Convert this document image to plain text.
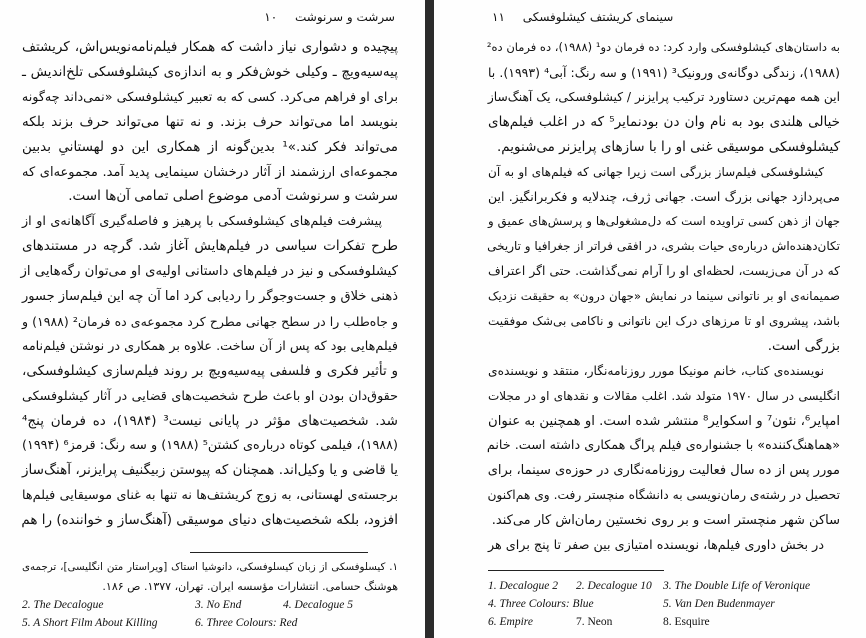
سرشت و سرنوشت ۱۰
پیچیده و دشواری نیاز داشت که همکار فیلم‌نامه‌نویس‌اش، کریشتف
پیه‌سیه‌ویچ ـ وکیلی خوش‌فکر و به اندازه‌ی کیشلوفسکی تلخ‌اندیش ـ
برای او فراهم می‌کرد. کسی که به تعبیر کیشلوفسکی «نمی‌داند چه‌گونه
بنویسد اما می‌تواند حرف بزند. و نه تنها می‌تواند حرف بزند بلکه
می‌تواند فکر کند.»¹ بدین‌گونه از همکاری این دو لهستانیِ بدبین
مجموعه‌ای ارزشمند از آثار درخشان سینمایی پدید آمد. مجموعه‌ای که
سرشت و سرنوشت آدمی موضوع اصلی تمامی آن‌ها است.
پیشرفت فیلم‌های کیشلوفسکی با پرهیز و فاصله‌گیری آگاهانه‌ی او از
طرح تفکرات سیاسی در فیلم‌هایش آغاز شد. گرچه در مستندهای
کیشلوفسکی و نیز در فیلم‌های داستانی اولیه‌ی او می‌توان رگه‌هایی از
ذهنی خلاق و جست‌وجوگر را ردیابی کرد اما آن چه این فیلم‌ساز جسور
و جاه‌طلب را در سطح جهانی مطرح کرد مجموعه‌ی ده فرمان² (۱۹۸۸) و
فیلم‌هایی بود که پس از آن ساخت. علاوه بر همکاری در نوشتن فیلم‌نامه
و تأثیر فکری و فلسفی پیه‌سیه‌ویچ بر روند فیلم‌سازی کیشلوفسکی،
حقوق‌دان بودن او باعث طرح شخصیت‌های قضایی در آثار کیشلوفسکی
شد. شخصیت‌های مؤثر در پایانی نیست³ (۱۹۸۴)، ده فرمان پنج⁴
(۱۹۸۸)، فیلمی کوتاه درباره‌ی کشتن⁵ (۱۹۸۸) و سه رنگ: قرمز⁶ (۱۹۹۴)
یا قاضی و یا وکیل‌اند. همچنان که پیوستن زبیگنیف پرایزنر، آهنگ‌ساز
برجسته‌ی لهستانی، به زوج کریشتف‌ها نه تنها به غنای موسیقایی فیلم‌ها
افزود، بلکه شخصیت‌های دنیای موسیقی (آهنگ‌ساز و خواننده) را هم
۱. کیسلوفسکی از زبان کیسلوفسکی، دانوشیا استاک [ویراستار متن انگلیسی]، ترجمه‌ی
هوشنگ حسامی. انتشارات مؤسسه ایران. تهران، ۱۳۷۷. ص ۱۸۶.
2. The Decalogue	3. No End	4. Decalogue 5
5. A Short Film About Killing	6. Three Colours: Red
۱۱ سینمای کریشتف کیشلوفسکی
به داستان‌های کیشلوفسکی وارد کرد: ده فرمان دو¹ (۱۹۸۸)، ده فرمان ده²
(۱۹۸۸)، زندگی دوگانه‌ی ورونیک³ (۱۹۹۱) و سه رنگ: آبی⁴ (۱۹۹۳). با
این همه مهم‌ترین دستاورد ترکیب پرایزنر / کیشلوفسکی، یک آهنگ‌ساز
خیالی هلندی بود به نام وان دن بودنمایر⁵ که در اغلب فیلم‌های
کیشلوفسکی موسیقی غنی او را با سازهای پرایزنر می‌شنویم.
کیشلوفسکی فیلم‌ساز بزرگی است زیرا جهانی که فیلم‌های او به آن
می‌پردازد جهانی بزرگ است. جهانی ژرف، چندلایه و فکربرانگیز. این
جهان از ذهن کسی تراویده است که دل‌مشغولی‌ها و پرسش‌های عمیق و
تکان‌دهنده‌اش درباره‌ی حیات بشری، در افقی فراتر از جغرافیا و تاریخی
که در آن می‌زیست، لحظه‌ای او را آرام نمی‌گذاشت. حتی اگر اعتراف
صمیمانه‌ی او بر ناتوانی سینما در نمایش «جهان درون» به حقیقت نزدیک
باشد، پیشروی او تا مرزهای درک این ناتوانی و ناکامی بی‌شک موفقیت
بزرگی است.
نویسنده‌ی کتاب، خانم مونیکا مورر روزنامه‌نگار، منتقد و نویسنده‌ی
انگلیسی در سال ۱۹۷۰ متولد شد. اغلب مقالات و نقدهای او در مجلات
امپایر⁶، نئون⁷ و اسکوایر⁸ منتشر شده است. او همچنین به عنوان
«هماهنگ‌کننده» با جشنواره‌ی فیلم پراگ همکاری داشته است. خانم
مورر پس از ده سال فعالیت روزنامه‌نگاری در حوزه‌ی سینما، برای
تحصیل در رشته‌ی رمان‌نویسی به دانشگاه منچستر رفت. وی هم‌اکنون
ساکن شهر منچستر است و بر روی نخستین رمان‌اش کار می‌کند.
در بخش داوری فیلم‌ها، نویسنده امتیازی بین صفر تا پنج برای هر
1. Decalogue 2 2. Decalogue 10 3. The Double Life of Veronique
4. Three Colours: Blue	5. Van Den Budenmayer
6. Empire	7. Neon	8. Esquire
